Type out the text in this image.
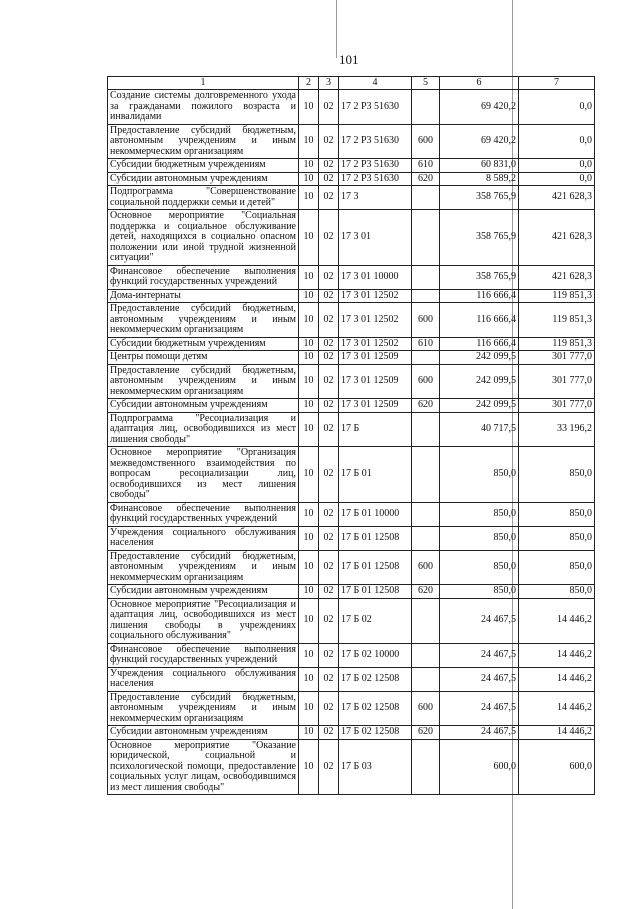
101
1	2	3	4	5	6	7
Создание системы долговременного ухода за гражданами пожилого возраста и инвалидами	10	02	17 2 P3 51630		69 420,2	0,0
Предоставление субсидий бюджетным, автономным учреждениям и иным некоммерческим организациям	10	02	17 2 P3 51630	600	69 420,2	0,0
Субсидии бюджетным учреждениям	10	02	17 2 P3 51630	610	60 831,0	0,0
Субсидии автономным учреждениям	10	02	17 2 P3 51630	620	8 589,2	0,0
Подпрограмма "Совершенствование социальной поддержки семьи и детей"	10	02	17 3		358 765,9	421 628,3
Основное мероприятие "Социальная поддержка и социальное обслуживание детей, находящихся в социально опасном положении или иной трудной жизненной ситуации"	10	02	17 3 01		358 765,9	421 628,3
Финансовое обеспечение выполнения функций государственных учреждений	10	02	17 3 01 10000		358 765,9	421 628,3
Дома-интернаты	10	02	17 3 01 12502		116 666,4	119 851,3
Предоставление субсидий бюджетным, автономным учреждениям и иным некоммерческим организациям	10	02	17 3 01 12502	600	116 666,4	119 851,3
Субсидии бюджетным учреждениям	10	02	17 3 01 12502	610	116 666,4	119 851,3
Центры помощи детям	10	02	17 3 01 12509		242 099,5	301 777,0
Предоставление субсидий бюджетным, автономным учреждениям и иным некоммерческим организациям	10	02	17 3 01 12509	600	242 099,5	301 777,0
Субсидии автономным учреждениям	10	02	17 3 01 12509	620	242 099,5	301 777,0
Подпрограмма "Ресоциализация и адаптация лиц, освободившихся из мест лишения свободы"	10	02	17 Б		40 717,5	33 196,2
Основное мероприятие "Организация межведомственного взаимодействия по вопросам ресоциализации лиц, освободившихся из мест лишения свободы"	10	02	17 Б 01		850,0	850,0
Финансовое обеспечение выполнения функций государственных учреждений	10	02	17 Б 01 10000		850,0	850,0
Учреждения социального обслуживания населения	10	02	17 Б 01 12508		850,0	850,0
Предоставление субсидий бюджетным, автономным учреждениям и иным некоммерческим организациям	10	02	17 Б 01 12508	600	850,0	850,0
Субсидии автономным учреждениям	10	02	17 Б 01 12508	620	850,0	850,0
Основное мероприятие "Ресоциализация и адаптация лиц, освободившихся из мест лишения свободы в учреждениях социального обслуживания"	10	02	17 Б 02		24 467,5	14 446,2
Финансовое обеспечение выполнения функций государственных учреждений	10	02	17 Б 02 10000		24 467,5	14 446,2
Учреждения социального обслуживания населения	10	02	17 Б 02 12508		24 467,5	14 446,2
Предоставление субсидий бюджетным, автономным учреждениям и иным некоммерческим организациям	10	02	17 Б 02 12508	600	24 467,5	14 446,2
Субсидии автономным учреждениям	10	02	17 Б 02 12508	620	24 467,5	14 446,2
Основное мероприятие "Оказание юридической, социальной и психологической помощи, предоставление социальных услуг лицам, освободившимся из мест лишения свободы"	10	02	17 Б 03		600,0	600,0
